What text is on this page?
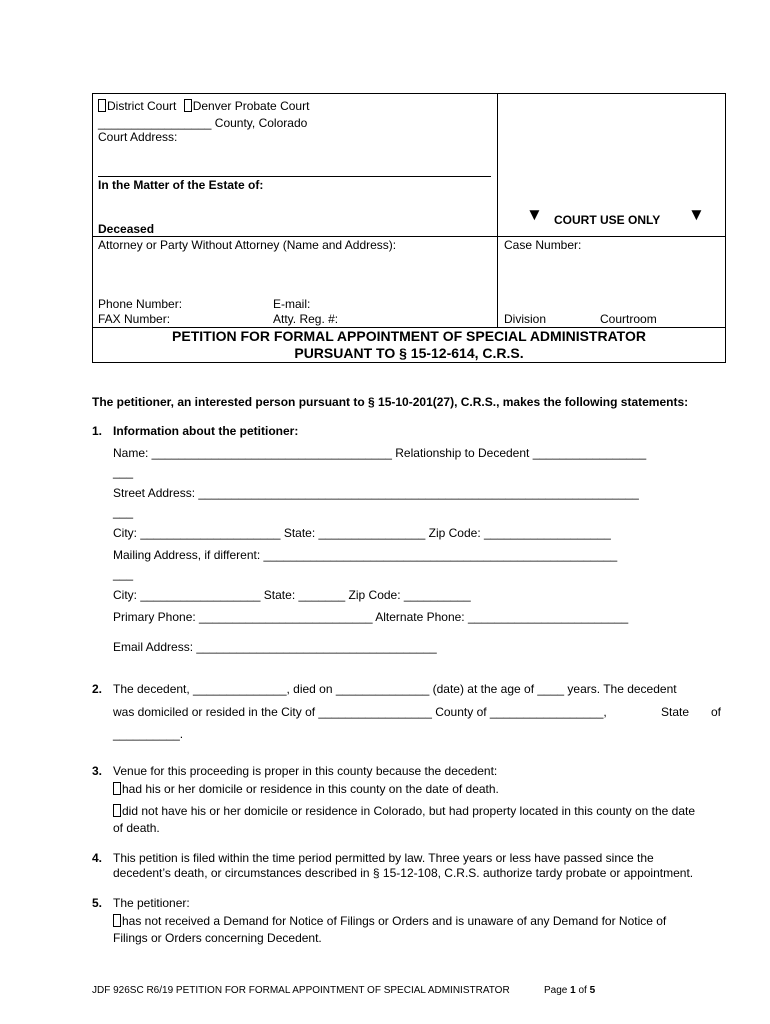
District Court Denver Probate Court
_________________ County, Colorado
Court Address:
In the Matter of the Estate of:
Deceased
▼ COURT USE ONLY ▼
Attorney or Party Without Attorney (Name and Address):	Case Number:
Phone Number:	E-mail:
FAX Number:	Atty. Reg. #:	Division	Courtroom
PETITION FOR FORMAL APPOINTMENT OF SPECIAL ADMINISTRATOR
PURSUANT TO § 15-12-614, C.R.S.
The petitioner, an interested person pursuant to § 15-10-201(27), C.R.S., makes the following statements:
1. Information about the petitioner:
Name: ____________________________________ Relationship to Decedent _________________
___
Street Address: __________________________________________________________________
___
City: _____________________ State: ________________ Zip Code: ___________________
Mailing Address, if different: _____________________________________________________
___
City: __________________ State: _______ Zip Code: __________
Primary Phone: __________________________ Alternate Phone: ________________________
Email Address: ____________________________________
2. The decedent, ______________, died on ______________ (date) at the age of ____ years. The decedent
was domiciled or resided in the City of _________________ County of _________________,	State of
__________.
3. Venue for this proceeding is proper in this county because the decedent:
had his or her domicile or residence in this county on the date of death.
did not have his or her domicile or residence in Colorado, but had property located in this county on the date
of death.
4. This petition is filed within the time period permitted by law. Three years or less have passed since the
decedent’s death, or circumstances described in § 15-12-108, C.R.S. authorize tardy probate or appointment.
5. The petitioner:
has not received a Demand for Notice of Filings or Orders and is unaware of any Demand for Notice of
Filings or Orders concerning Decedent.
JDF 926SC R6/19 PETITION FOR FORMAL APPOINTMENT OF SPECIAL ADMINISTRATOR	Page 1 of 5
